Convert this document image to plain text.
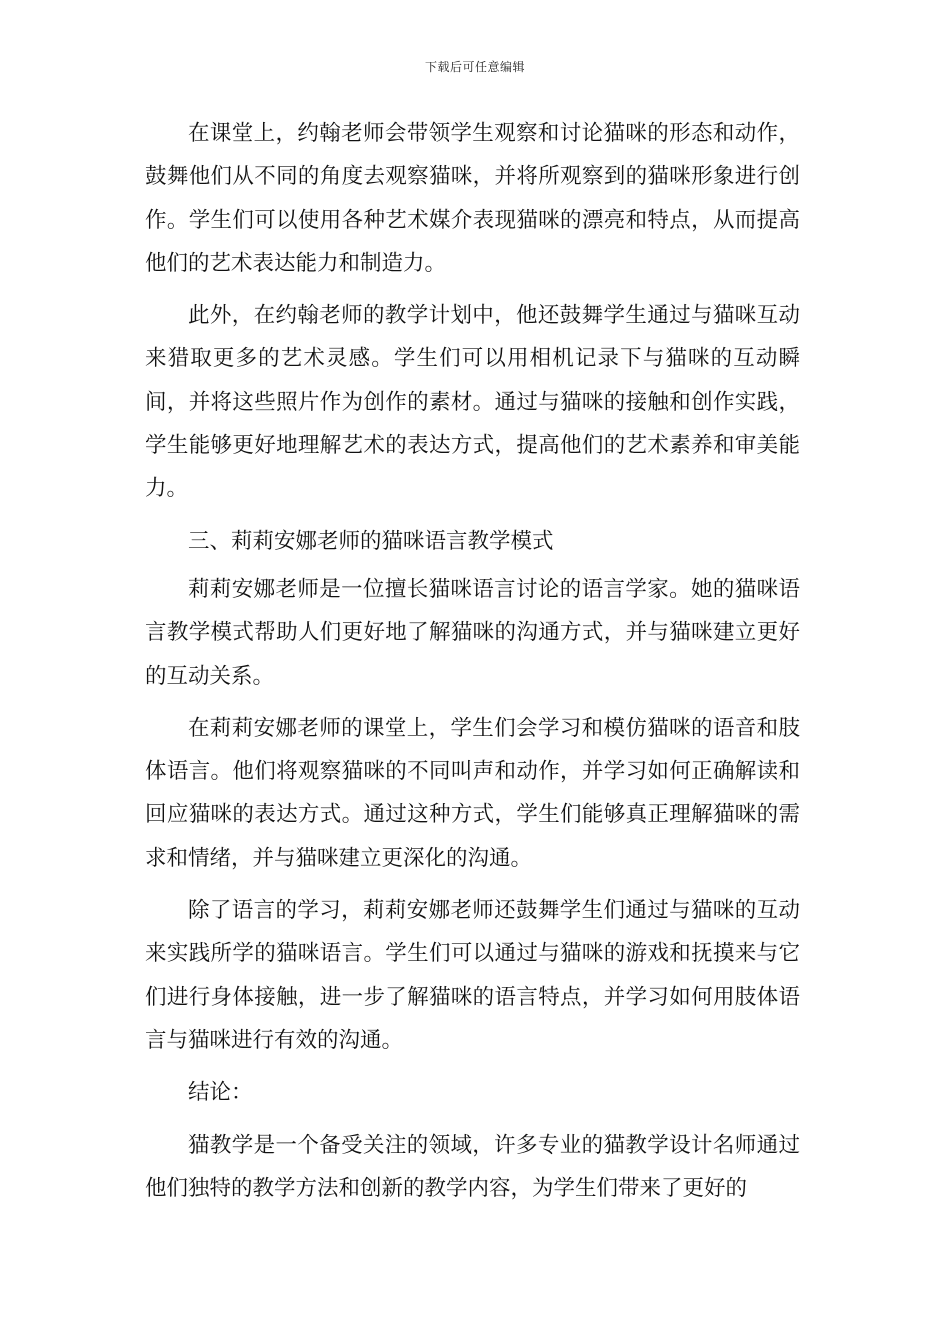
下载后可任意编辑

在课堂上，约翰老师会带领学生观察和讨论猫咪的形态和动作，鼓舞他们从不同的角度去观察猫咪，并将所观察到的猫咪形象进行创作。学生们可以使用各种艺术媒介表现猫咪的漂亮和特点，从而提高他们的艺术表达能力和制造力。

此外，在约翰老师的教学计划中，他还鼓舞学生通过与猫咪互动来猎取更多的艺术灵感。学生们可以用相机记录下与猫咪的互动瞬间，并将这些照片作为创作的素材。通过与猫咪的接触和创作实践，学生能够更好地理解艺术的表达方式，提高他们的艺术素养和审美能力。

三、莉莉安娜老师的猫咪语言教学模式

莉莉安娜老师是一位擅长猫咪语言讨论的语言学家。她的猫咪语言教学模式帮助人们更好地了解猫咪的沟通方式，并与猫咪建立更好的互动关系。

在莉莉安娜老师的课堂上，学生们会学习和模仿猫咪的语音和肢体语言。他们将观察猫咪的不同叫声和动作，并学习如何正确解读和回应猫咪的表达方式。通过这种方式，学生们能够真正理解猫咪的需求和情绪，并与猫咪建立更深化的沟通。

除了语言的学习，莉莉安娜老师还鼓舞学生们通过与猫咪的互动来实践所学的猫咪语言。学生们可以通过与猫咪的游戏和抚摸来与它们进行身体接触，进一步了解猫咪的语言特点，并学习如何用肢体语言与猫咪进行有效的沟通。

结论：

猫教学是一个备受关注的领域，许多专业的猫教学设计名师通过他们独特的教学方法和创新的教学内容，为学生们带来了更好的
